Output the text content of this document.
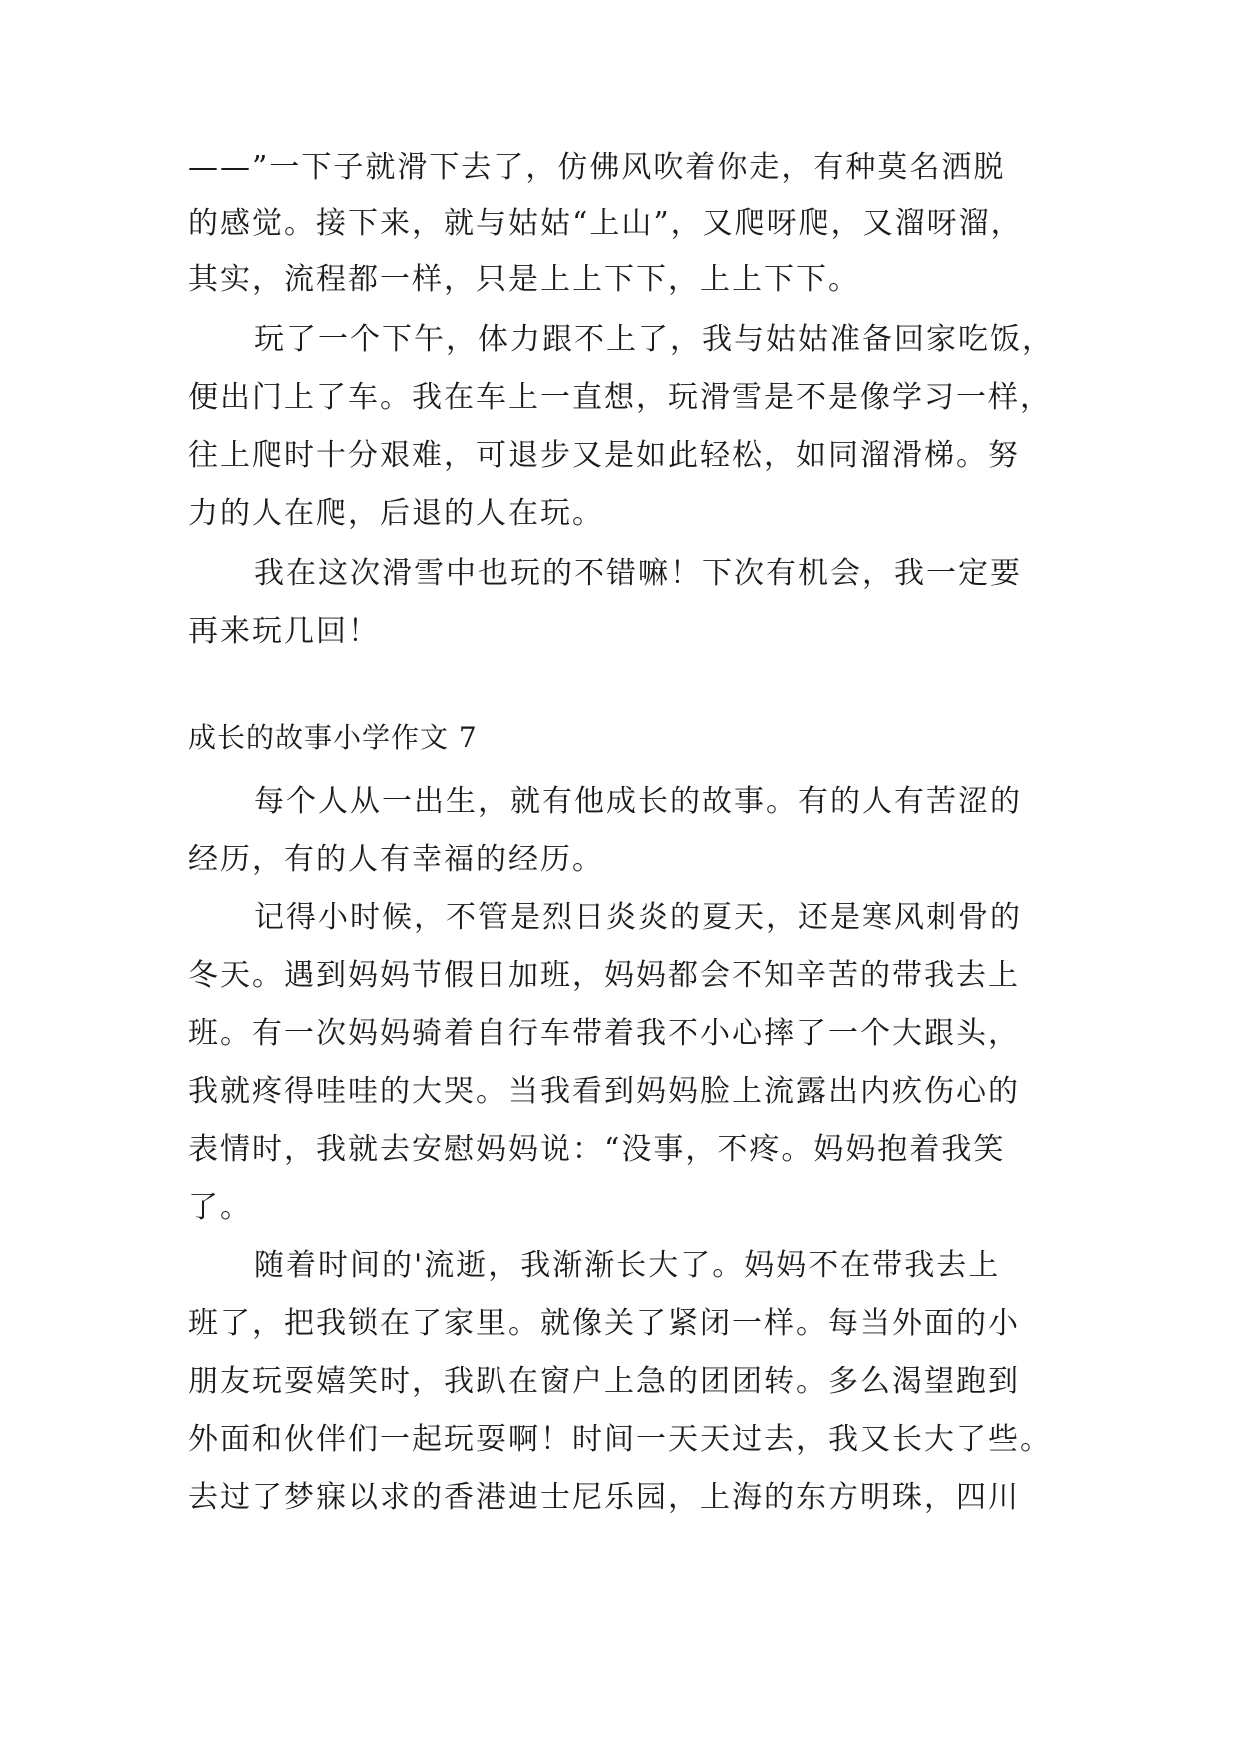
——”一下子就滑下去了，仿佛风吹着你走，有种莫名洒脱
的感觉。接下来，就与姑姑“上山”，又爬呀爬，又溜呀溜，
其实，流程都一样，只是上上下下，上上下下。
玩了一个下午，体力跟不上了，我与姑姑准备回家吃饭，
便出门上了车。我在车上一直想，玩滑雪是不是像学习一样，
往上爬时十分艰难，可退步又是如此轻松，如同溜滑梯。努
力的人在爬，后退的人在玩。
我在这次滑雪中也玩的不错嘛！下次有机会，我一定要
再来玩几回！
成长的故事小学作文 7
每个人从一出生，就有他成长的故事。有的人有苦涩的
经历，有的人有幸福的经历。
记得小时候，不管是烈日炎炎的夏天，还是寒风刺骨的
冬天。遇到妈妈节假日加班，妈妈都会不知辛苦的带我去上
班。有一次妈妈骑着自行车带着我不小心摔了一个大跟头，
我就疼得哇哇的大哭。当我看到妈妈脸上流露出内疚伤心的
表情时，我就去安慰妈妈说：“没事，不疼。妈妈抱着我笑
了。
随着时间的'流逝，我渐渐长大了。妈妈不在带我去上
班了，把我锁在了家里。就像关了紧闭一样。每当外面的小
朋友玩耍嬉笑时，我趴在窗户上急的团团转。多么渴望跑到
外面和伙伴们一起玩耍啊！时间一天天过去，我又长大了些。
去过了梦寐以求的香港迪士尼乐园，上海的东方明珠，四川
